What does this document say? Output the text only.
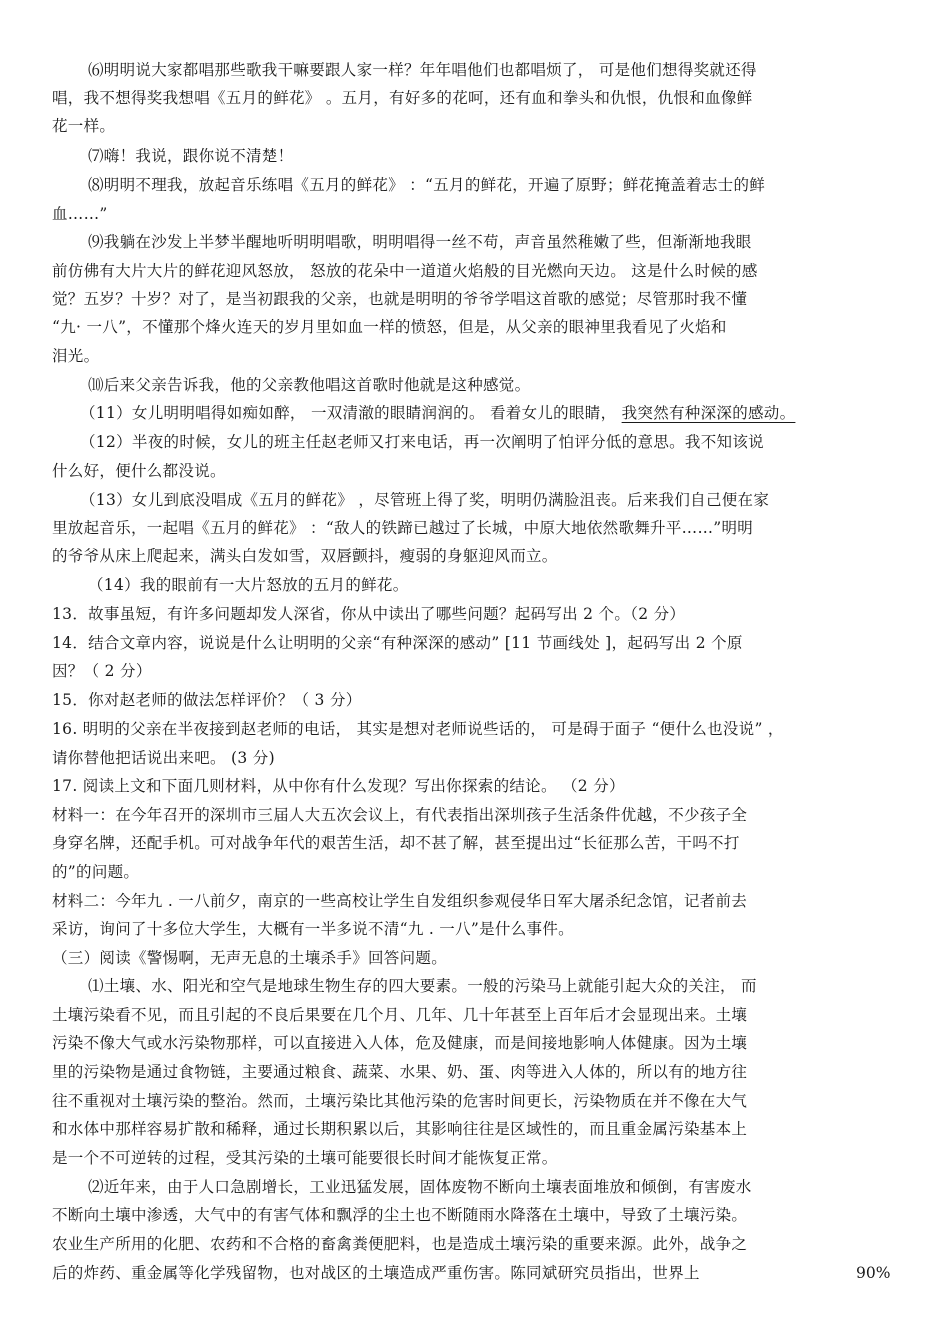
⑹明明说大家都唱那些歌我干嘛要跟人家一样？年年唱他们也都唱烦了， 可是他们想得奖就还得
唱，我不想得奖我想唱《五月的鲜花》 。五月，有好多的花呵，还有血和拳头和仇恨，仇恨和血像鲜
花一样。
⑺嗨！我说，跟你说不清楚！
⑻明明不理我，放起音乐练唱《五月的鲜花》 ：“五月的鲜花，开遍了原野；鲜花掩盖着志士的鲜
血……”
⑼我躺在沙发上半梦半醒地听明明唱歌，明明唱得一丝不苟，声音虽然稚嫩了些，但渐渐地我眼
前仿佛有大片大片的鲜花迎风怒放， 怒放的花朵中一道道火焰般的目光燃向天边。 这是什么时候的感
觉？五岁？十岁？对了，是当初跟我的父亲，也就是明明的爷爷学唱这首歌的感觉；尽管那时我不懂
“九· 一八”，不懂那个烽火连天的岁月里如血一样的愤怒，但是，从父亲的眼神里我看见了火焰和
泪光。
⑽后来父亲告诉我，他的父亲教他唱这首歌时他就是这种感觉。
（11）女儿明明唱得如痴如醉， 一双清澈的眼睛润润的。 看着女儿的眼睛， 我突然有种深深的感动。
（12）半夜的时候，女儿的班主任赵老师又打来电话，再一次阐明了怕评分低的意思。我不知该说
什么好，便什么都没说。
（13）女儿到底没唱成《五月的鲜花》 ，尽管班上得了奖，明明仍满脸沮丧。后来我们自己便在家
里放起音乐，一起唱《五月的鲜花》 ：“敌人的铁蹄已越过了长城，中原大地依然歌舞升平……”明明
的爷爷从床上爬起来，满头白发如雪，双唇颤抖，瘦弱的身躯迎风而立。
（14）我的眼前有一大片怒放的五月的鲜花。
13．故事虽短，有许多问题却发人深省，你从中读出了哪些问题？起码写出 2 个。（2 分）
14．结合文章内容，说说是什么让明明的父亲“有种深深的感动” [11 节画线处 ]，起码写出 2 个原
因？（ 2 分）
15．你对赵老师的做法怎样评价？（ 3 分）
16. 明明的父亲在半夜接到赵老师的电话， 其实是想对老师说些话的， 可是碍于面子 “便什么也没说” ，
请你替他把话说出来吧。 (3 分)
17. 阅读上文和下面几则材料，从中你有什么发现？写出你探索的结论。 （2 分）
材料一：在今年召开的深圳市三届人大五次会议上，有代表指出深圳孩子生活条件优越，不少孩子全
身穿名牌，还配手机。可对战争年代的艰苦生活，却不甚了解，甚至提出过“长征那么苦，干吗不打
的”的问题。
材料二：今年九 . 一八前夕，南京的一些高校让学生自发组织参观侵华日军大屠杀纪念馆，记者前去
采访，询问了十多位大学生，大概有一半多说不清“九 . 一八”是什么事件。
（三）阅读《警惕啊，无声无息的土壤杀手》回答问题。
⑴土壤、水、阳光和空气是地球生物生存的四大要素。一般的污染马上就能引起大众的关注， 而
土壤污染看不见，而且引起的不良后果要在几个月、几年、几十年甚至上百年后才会显现出来。土壤
污染不像大气或水污染物那样，可以直接进入人体，危及健康，而是间接地影响人体健康。因为土壤
里的污染物是通过食物链，主要通过粮食、蔬菜、水果、奶、蛋、肉等进入人体的，所以有的地方往
往不重视对土壤污染的整治。然而，土壤污染比其他污染的危害时间更长，污染物质在并不像在大气
和水体中那样容易扩散和稀释，通过长期积累以后，其影响往往是区域性的，而且重金属污染基本上
是一个不可逆转的过程，受其污染的土壤可能要很长时间才能恢复正常。
⑵近年来，由于人口急剧增长，工业迅猛发展，固体废物不断向土壤表面堆放和倾倒，有害废水
不断向土壤中渗透，大气中的有害气体和飘浮的尘土也不断随雨水降落在土壤中，导致了土壤污染。
农业生产所用的化肥、农药和不合格的畜禽粪便肥料，也是造成土壤污染的重要来源。此外，战争之
后的炸药、重金属等化学残留物，也对战区的土壤造成严重伤害。陈同斌研究员指出，世界上	90%
